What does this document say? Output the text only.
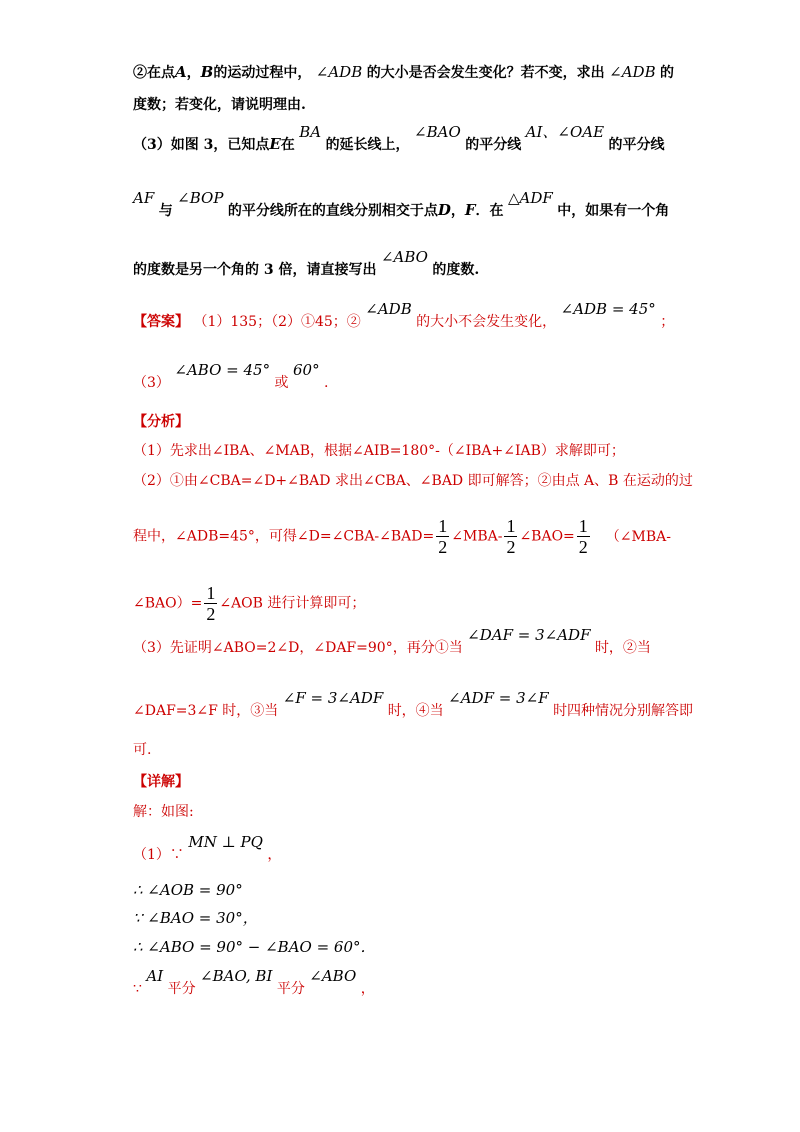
②在点A，B的运动过程中， ∠ADB 的大小是否会发生变化？若不变，求出 ∠ADB 的
度数；若变化，请说明理由.
（3）如图 3，已知点E在 BA 的延长线上， ∠BAO 的平分线 AI、∠OAE 的平分线
AF 与 ∠BOP 的平分线所在的直线分别相交于点D，F．在 △ADF 中，如果有一个角
的度数是另一个角的 3 倍，请直接写出 ∠ABO 的度数.
【答案】 （1）135；（2）①45；② ∠ADB 的大小不会发生变化， ∠ADB = 45° ；
（3） ∠ABO = 45° 或 60° .
【分析】
（1）先求出∠IBA、∠MAB，根据∠AIB=180°-（∠IBA+∠IAB）求解即可；
（2）①由∠CBA=∠D+∠BAD 求出∠CBA、∠BAD 即可解答；②由点 A、B 在运动的过
程中，∠ADB=45°，可得∠D=∠CBA-∠BAD= $\frac{1}{2}$ ∠MBA- $\frac{1}{2}$ ∠BAO= $\frac{1}{2}$ （∠MBA-
∠BAO）= $\frac{1}{2}$ ∠AOB 进行计算即可；
（3）先证明∠ABO=2∠D，∠DAF=90°，再分①当 ∠DAF = 3∠ADF 时，②当
∠DAF=3∠F 时，③当 ∠F = 3∠ADF 时，④当 ∠ADF = 3∠F 时四种情况分别解答即
可.
【详解】
解：如图:
（1）∵ MN ⊥ PQ ，
∴ ∠AOB = 90°
∵ ∠BAO = 30°，
∴ ∠ABO = 90° − ∠BAO = 60°．
∵ AI 平分 ∠BAO, BI 平分 ∠ABO ，
